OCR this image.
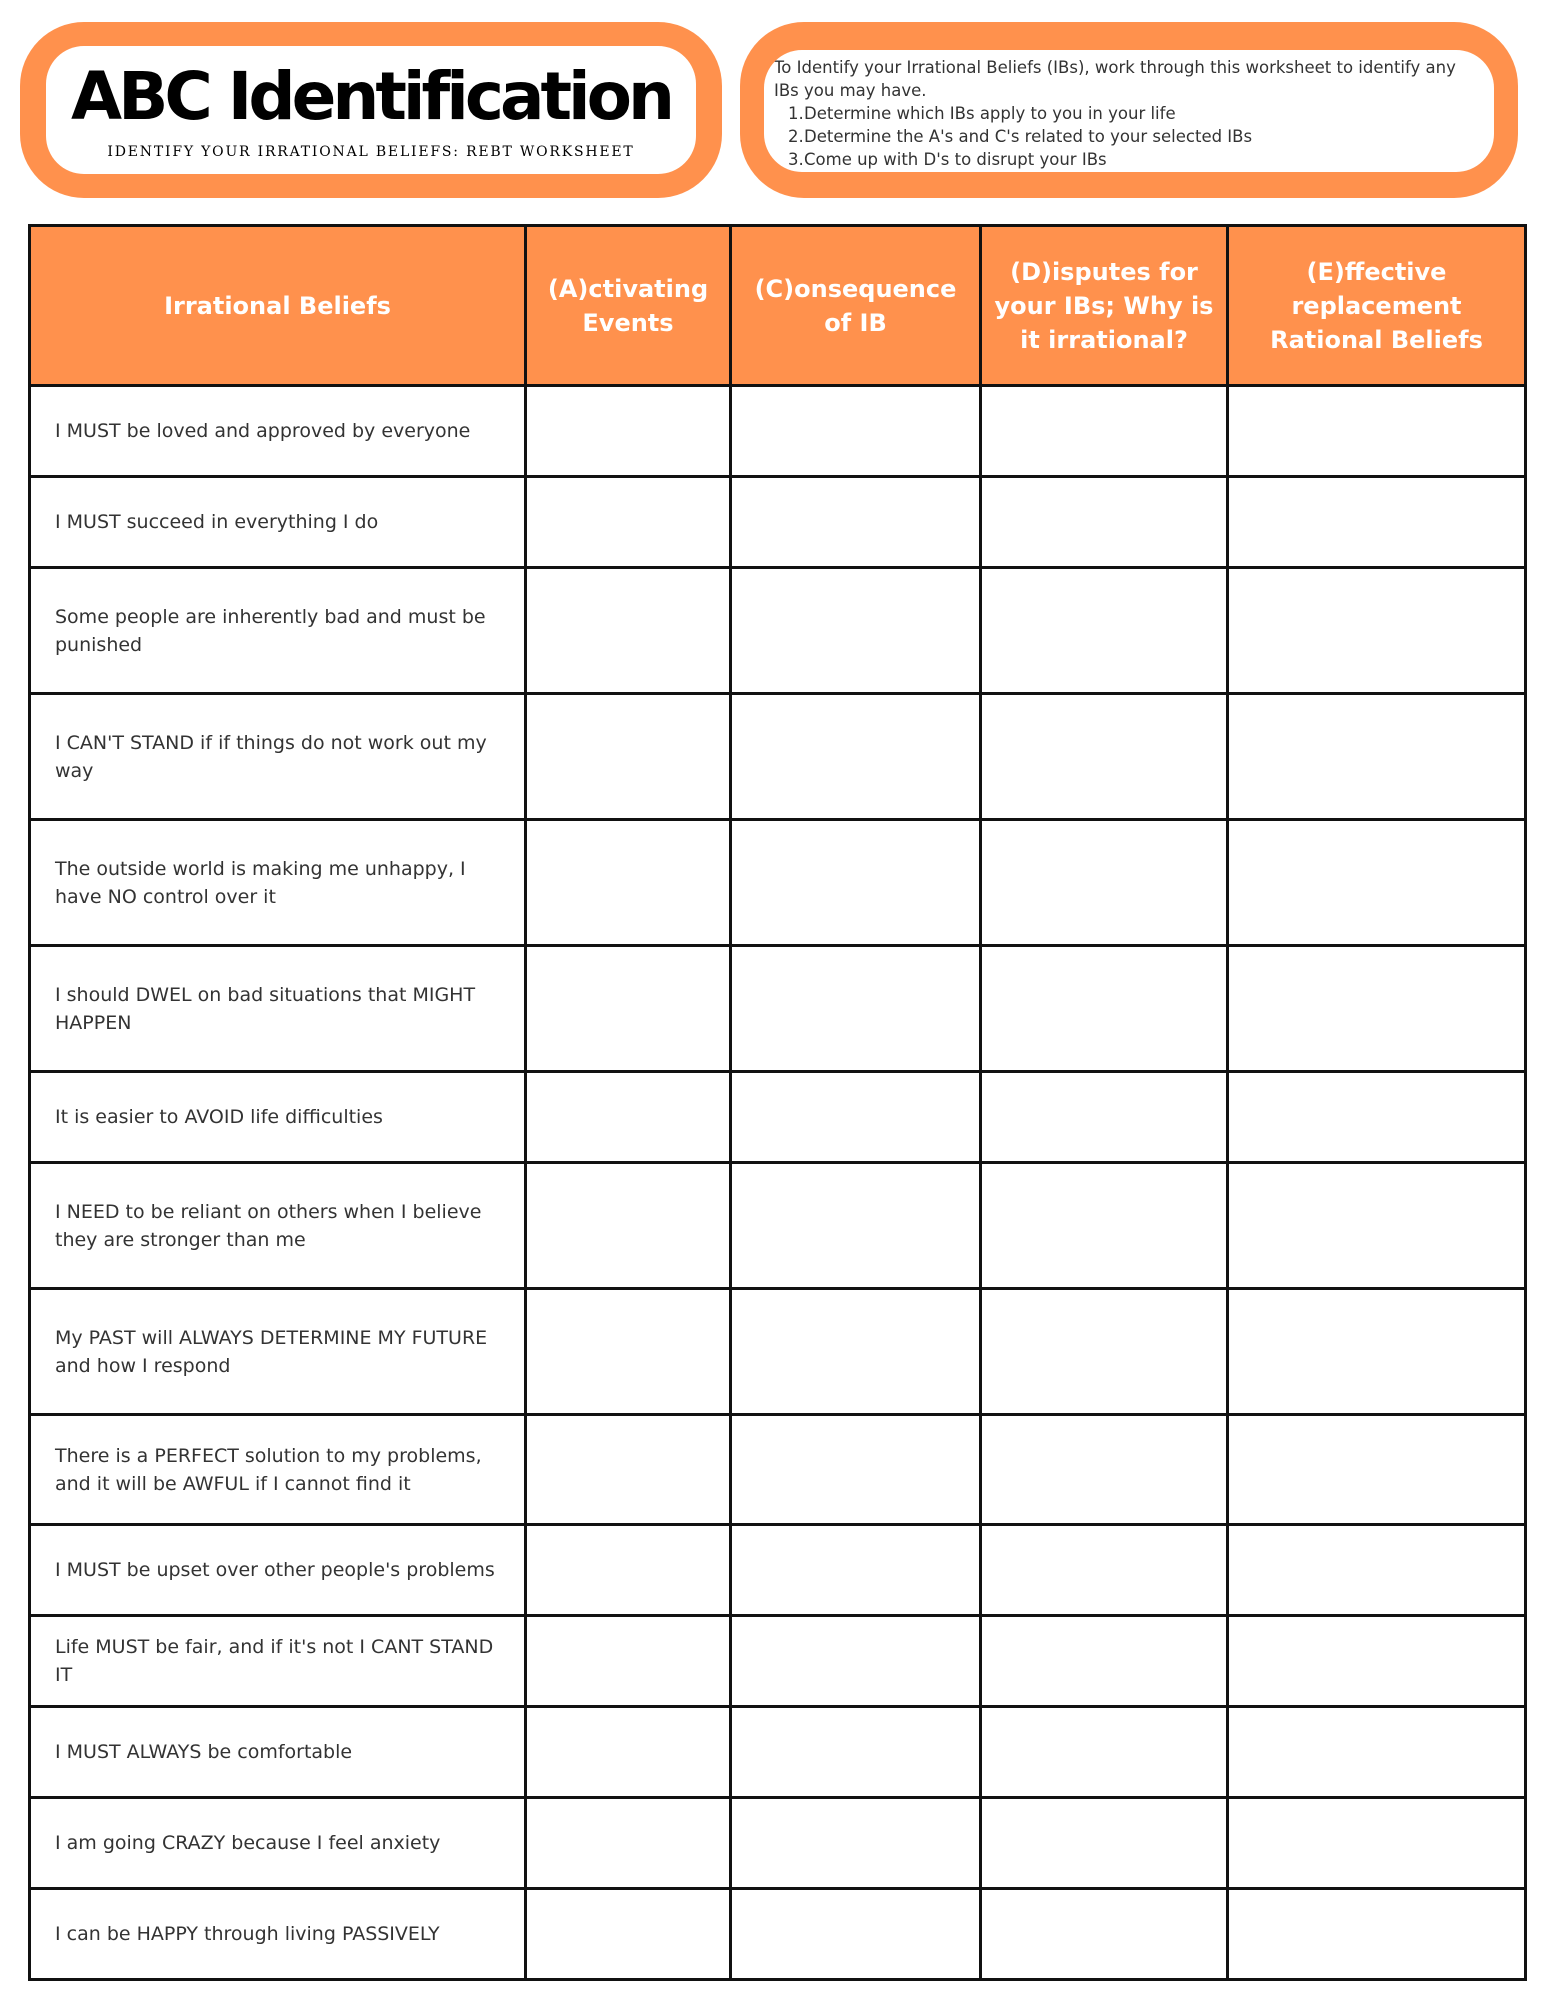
ABC Identification
IDENTIFY YOUR IRRATIONAL BELIEFS: REBT WORKSHEET

To Identify your Irrational Beliefs (IBs), work through this worksheet to identify any IBs you may have.

1.Determine which IBs apply to you in your life
2.Determine the A's and C's related to your selected IBs
3.Come up with D's to disrupt your IBs
Irrational Beliefs	(A)ctivating Events	(C)onsequence of IB	(D)isputes for your IBs; Why is it irrational?	(E)ffective replacement Rational Beliefs
I MUST be loved and approved by everyone				
I MUST succeed in everything I do				
Some people are inherently bad and must be punished				
I CAN'T STAND if if things do not work out my way				
The outside world is making me unhappy, I have NO control over it				
I should DWEL on bad situations that MIGHT HAPPEN				
It is easier to AVOID life difficulties				
I NEED to be reliant on others when I believe they are stronger than me				
My PAST will ALWAYS DETERMINE MY FUTURE and how I respond				
There is a PERFECT solution to my problems, and it will be AWFUL if I cannot find it				
I MUST be upset over other people's problems				
Life MUST be fair, and if it's not I CANT STAND IT				
I MUST ALWAYS be comfortable				
I am going CRAZY because I feel anxiety				
I can be HAPPY through living PASSIVELY				
